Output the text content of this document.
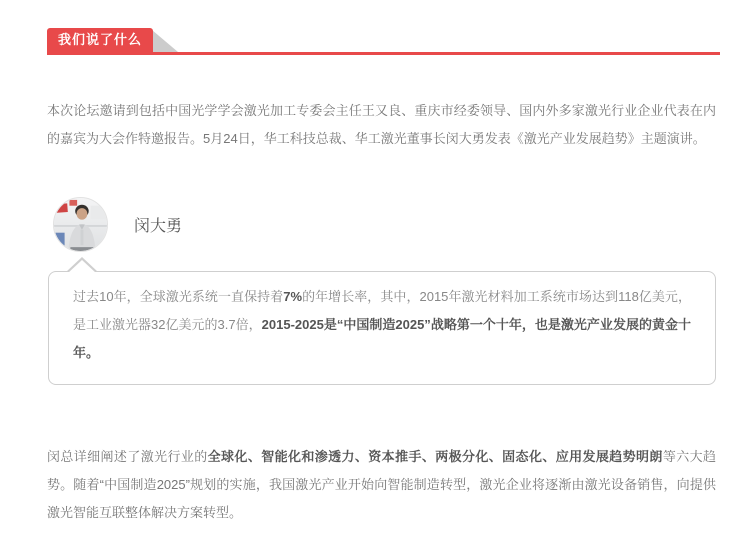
我们说了什么

本次论坛邀请到包括中国光学学会激光加工专委会主任王又良、重庆市经委领导、国内外多家激光行业企业代表在内的嘉宾为大会作特邀报告。5月24日，华工科技总裁、华工激光董事长闵大勇发表《激光产业发展趋势》主题演讲。

闵大勇

过去10年，全球激光系统一直保持着7%的年增长率，其中，2015年激光材料加工系统市场达到118亿美元，是工业激光器32亿美元的3.7倍，2015-2025是“中国制造2025”战略第一个十年，也是激光产业发展的黄金十年。

闵总详细阐述了激光行业的全球化、智能化和渗透力、资本推手、两极分化、固态化、应用发展趋势明朗等六大趋势。随着“中国制造2025”规划的实施，我国激光产业开始向智能制造转型，激光企业将逐渐由激光设备销售，向提供激光智能互联整体解决方案转型。
